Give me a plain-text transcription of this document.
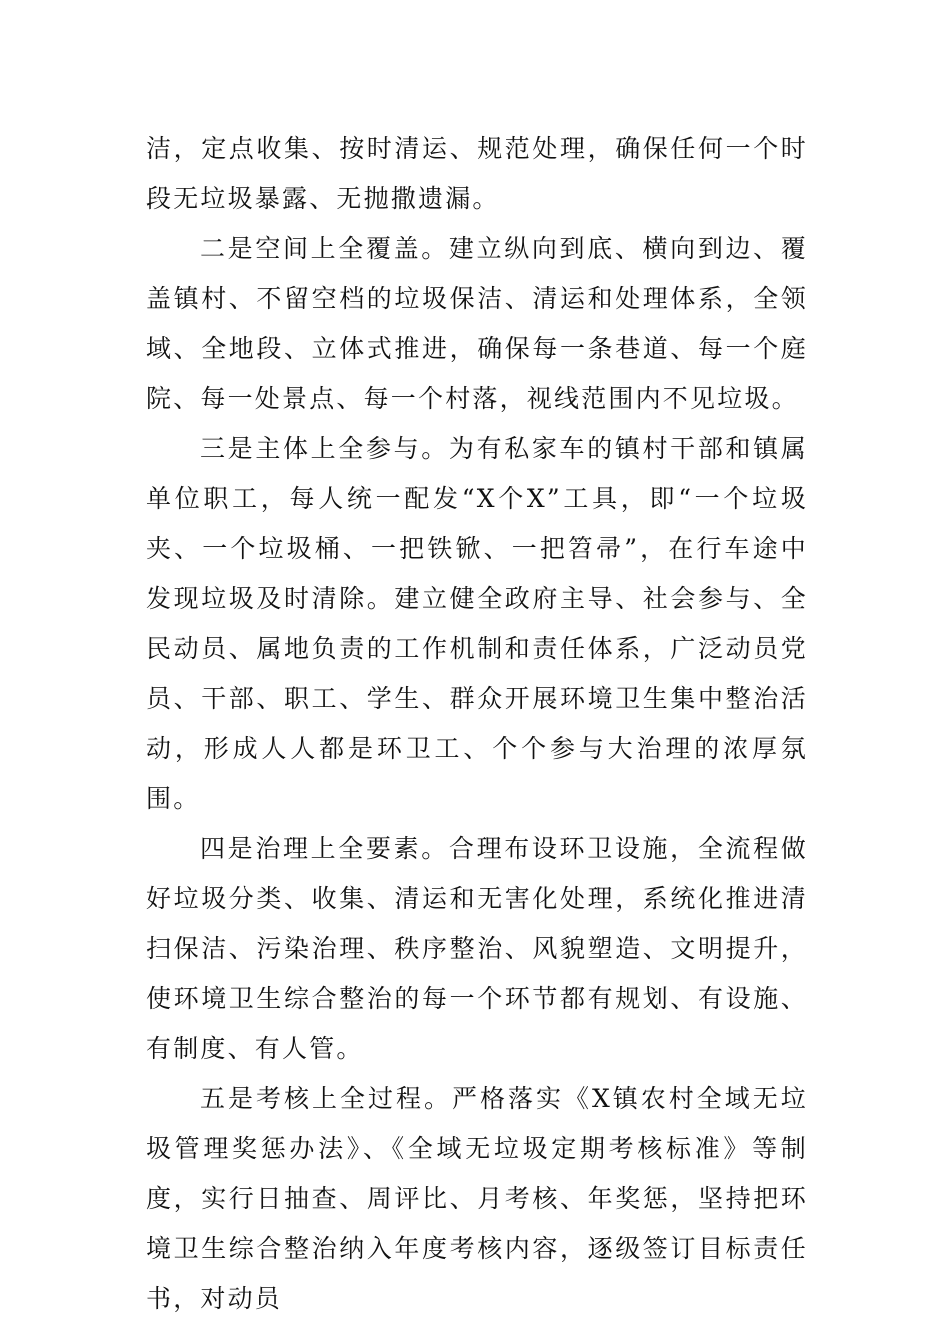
洁，定点收集、按时清运、规范处理，确保任何一个时段无垃圾暴露、无抛撒遗漏。

二是空间上全覆盖。建立纵向到底、横向到边、覆盖镇村、不留空档的垃圾保洁、清运和处理体系，全领域、全地段、立体式推进，确保每一条巷道、每一个庭院、每一处景点、每一个村落，视线范围内不见垃圾。

三是主体上全参与。为有私家车的镇村干部和镇属单位职工，每人统一配发“X个X”工具，即“一个垃圾夹、一个垃圾桶、一把铁锨、一把笤帚”，在行车途中发现垃圾及时清除。建立健全政府主导、社会参与、全民动员、属地负责的工作机制和责任体系，广泛动员党员、干部、职工、学生、群众开展环境卫生集中整治活动，形成人人都是环卫工、个个参与大治理的浓厚氛围。

四是治理上全要素。合理布设环卫设施，全流程做好垃圾分类、收集、清运和无害化处理，系统化推进清扫保洁、污染治理、秩序整治、风貌塑造、文明提升，使环境卫生综合整治的每一个环节都有规划、有设施、有制度、有人管。

五是考核上全过程。严格落实《X镇农村全域无垃圾管理奖惩办法》、《全域无垃圾定期考核标准》等制度，实行日抽查、周评比、月考核、年奖惩，坚持把环境卫生综合整治纳入年度考核内容，逐级签订目标责任书，对动员
